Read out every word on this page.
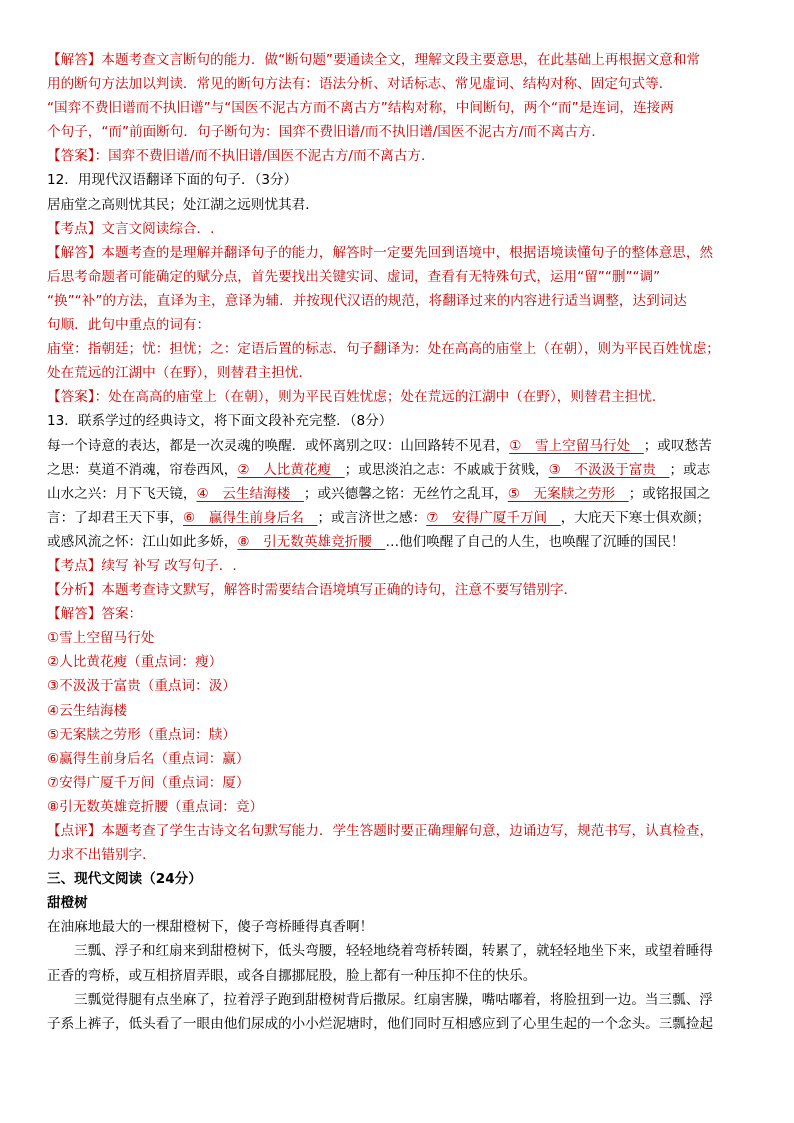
【解答】本题考查文言断句的能力．做“断句题”要通读全文，理解文段主要意思，在此基础上再根据文意和常
用的断句方法加以判读．常见的断句方法有：语法分析、对话标志、常见虚词、结构对称、固定句式等．
“国弈不费旧谱而不执旧谱”与“国医不泥古方而不离古方”结构对称，中间断句，两个“而”是连词，连接两
个句子，“而”前面断句．句子断句为：国弈不费旧谱/而不执旧谱/国医不泥古方/而不离古方．
【答案】：国弈不费旧谱/而不执旧谱/国医不泥古方/而不离古方．
12．用现代汉语翻译下面的句子．（3分）
居庙堂之高则忧其民；处江湖之远则忧其君．
【考点】文言文阅读综合．.
【解答】本题考查的是理解并翻译句子的能力，解答时一定要先回到语境中，根据语境读懂句子的整体意思，然
后思考命题者可能确定的赋分点，首先要找出关键实词、虚词，查看有无特殊句式，运用“留”“删”“调”
“换”“补”的方法，直译为主，意译为辅．并按现代汉语的规范，将翻译过来的内容进行适当调整，达到词达
句顺．此句中重点的词有：
庙堂：指朝廷；忧：担忧；之：定语后置的标志．句子翻译为：处在高高的庙堂上（在朝），则为平民百姓忧虑；
处在荒远的江湖中（在野），则替君主担忧．
【答案】：处在高高的庙堂上（在朝），则为平民百姓忧虑；处在荒远的江湖中（在野），则替君主担忧．
13．联系学过的经典诗文，将下面文段补充完整．（8分）
每一个诗意的表达，都是一次灵魂的唤醒．或怀离别之叹：山回路转不见君，①　雪上空留马行处　；或叹愁苦
之思：莫道不消魂，帘卷西风，②　人比黄花瘦　；或思淡泊之志：不戚戚于贫贱，③　不汲汲于富贵　；或志
山水之兴：月下飞天镜，④　云生结海楼　；或兴德馨之铭：无丝竹之乱耳，⑤　无案牍之劳形　；或铭报国之
言：了却君王天下事，⑥　赢得生前身后名　；或言济世之感：⑦　安得广厦千万间　，大庇天下寒士俱欢颜；
或感风流之怀：江山如此多娇，⑧　引无数英雄竞折腰　…他们唤醒了自己的人生，也唤醒了沉睡的国民！
【考点】续写 补写 改写句子．.
【分析】本题考查诗文默写，解答时需要结合语境填写正确的诗句，注意不要写错别字．
【解答】答案：
①雪上空留马行处
②人比黄花瘦（重点词：瘦）
③不汲汲于富贵（重点词：汲）
④云生结海楼
⑤无案牍之劳形（重点词：牍）
⑥赢得生前身后名（重点词：赢）
⑦安得广厦千万间（重点词：厦）
⑧引无数英雄竞折腰（重点词：竞）
【点评】本题考查了学生古诗文名句默写能力．学生答题时要正确理解句意，边诵边写，规范书写，认真检查，
力求不出错别字．
三、现代文阅读（24分）
甜橙树
在油麻地最大的一棵甜橙树下，傻子弯桥睡得真香啊！
三瓢、浮子和红扇来到甜橙树下，低头弯腰，轻轻地绕着弯桥转圈，转累了，就轻轻地坐下来，或望着睡得
正香的弯桥，或互相挤眉弄眼，或各自挪挪屁股，脸上都有一种压抑不住的快乐。
三瓢觉得腿有点坐麻了，拉着浮子跑到甜橙树背后撒尿。红扇害臊，嘴咕嘟着，将脸扭到一边。当三瓢、浮
子系上裤子，低头看了一眼由他们尿成的小小烂泥塘时，他们同时互相感应到了心里生起的一个念头。三瓢捡起
